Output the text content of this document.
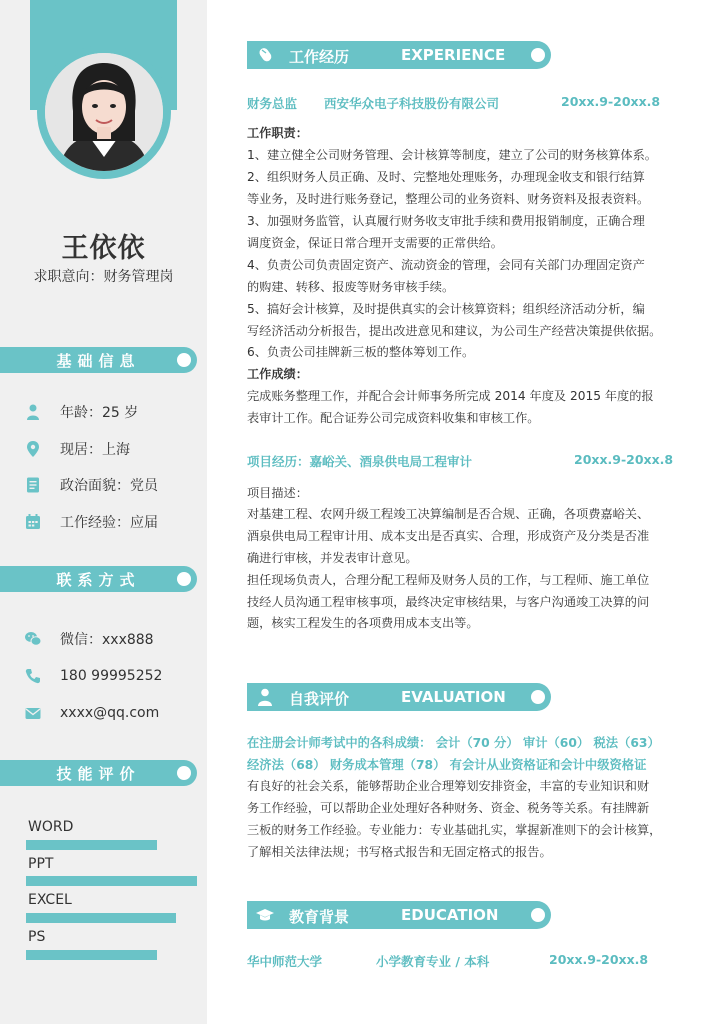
王依依
求职意向：财务管理岗
基础信息
年龄：25 岁
现居：上海
政治面貌：党员
工作经验：应届
联系方式
微信：xxx888
180 99995252
xxxx@qq.com
技能评价
WORD
PPT
EXCEL
PS
工作经历	EXPERIENCE
财务总监 西安华众电子科技股份有限公司	20xx.9-20xx.8
工作职责：
1、建立健全公司财务管理、会计核算等制度，建立了公司的财务核算体系。
2、组织财务人员正确、及时、完整地处理账务，办理现金收支和银行结算
等业务，及时进行账务登记，整理公司的业务资料、财务资料及报表资料。
3、加强财务监管，认真履行财务收支审批手续和费用报销制度，正确合理
调度资金，保证日常合理开支需要的正常供给。
4、负责公司负责固定资产、流动资金的管理，会同有关部门办理固定资产
的购建、转移、报废等财务审核手续。
5、搞好会计核算，及时提供真实的会计核算资料；组织经济活动分析，编
写经济活动分析报告，提出改进意见和建议，为公司生产经营决策提供依据。
6、负责公司挂牌新三板的整体筹划工作。
工作成绩：
完成账务整理工作，并配合会计师事务所完成 2014 年度及 2015 年度的报
表审计工作。配合证券公司完成资料收集和审核工作。
项目经历：嘉峪关、酒泉供电局工程审计	20xx.9-20xx.8
项目描述：
对基建工程、农网升级工程竣工决算编制是否合规、正确，各项费嘉峪关、
酒泉供电局工程审计用、成本支出是否真实、合理，形成资产及分类是否准
确进行审核，并发表审计意见。
担任现场负责人，合理分配工程师及财务人员的工作，与工程师、施工单位
技经人员沟通工程审核事项，最终决定审核结果，与客户沟通竣工决算的问
题，核实工程发生的各项费用成本支出等。
自我评价	EVALUATION
在注册会计师考试中的各科成绩： 会计（70 分） 审计（60） 税法（63）
经济法（68） 财务成本管理（78） 有会计从业资格证和会计中级资格证
有良好的社会关系，能够帮助企业合理筹划安排资金，丰富的专业知识和财
务工作经验，可以帮助企业处理好各种财务、资金、税务等关系。有挂牌新
三板的财务工作经验。专业能力：专业基础扎实，掌握新准则下的会计核算，
了解相关法律法规；书写格式报告和无固定格式的报告。
教育背景	EDUCATION
华中师范大学	小学教育专业 / 本科	20xx.9-20xx.8
